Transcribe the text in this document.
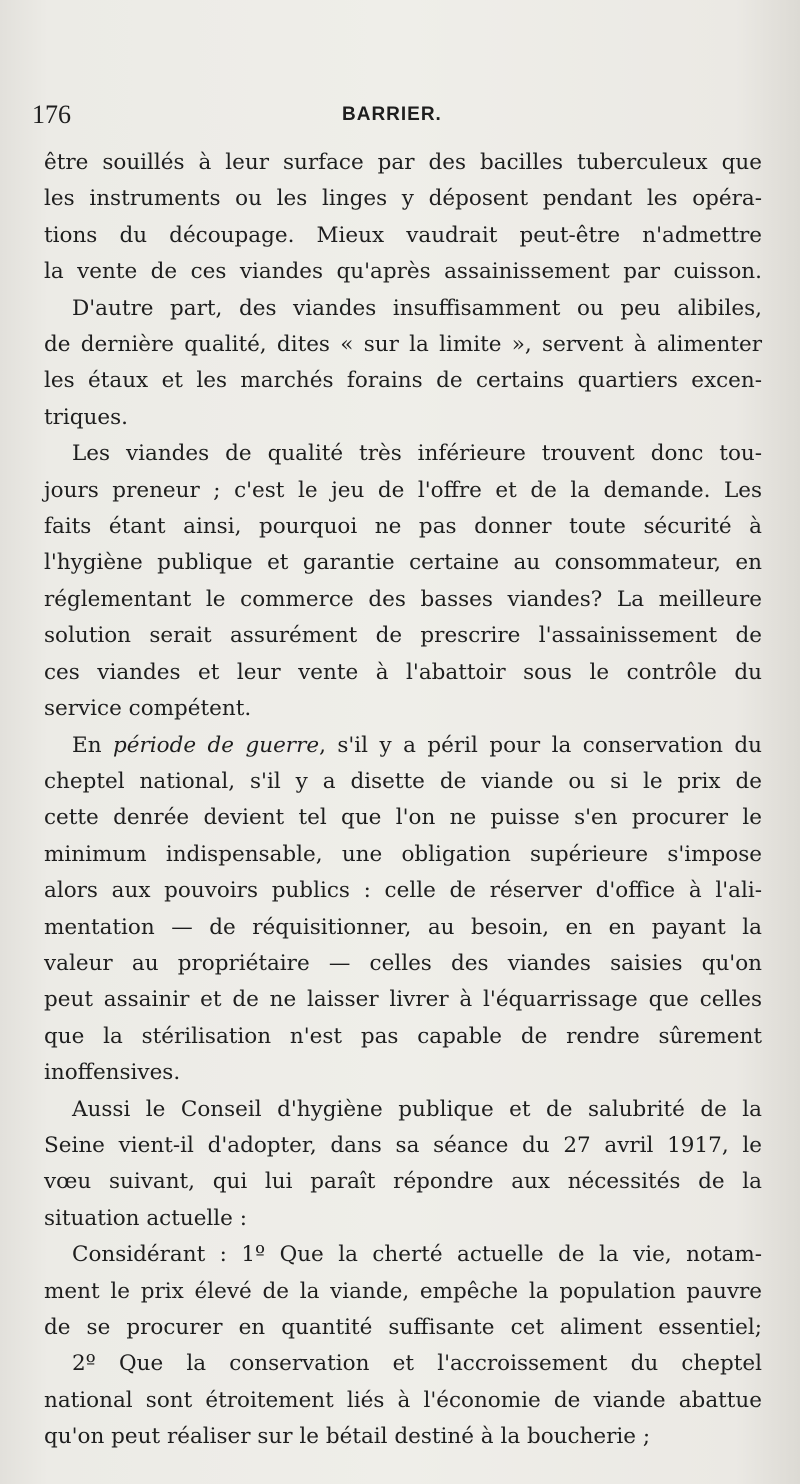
176	BARRIER.

être souillés à leur surface par des bacilles tuberculeux que
les instruments ou les linges y déposent pendant les opéra-
tions du découpage. Mieux vaudrait peut-être n'admettre
la vente de ces viandes qu'après assainissement par cuisson.

D'autre part, des viandes insuffisamment ou peu alibiles,
de dernière qualité, dites « sur la limite », servent à alimenter
les étaux et les marchés forains de certains quartiers excen-
triques.

Les viandes de qualité très inférieure trouvent donc tou-
jours preneur ; c'est le jeu de l'offre et de la demande. Les
faits étant ainsi, pourquoi ne pas donner toute sécurité à
l'hygiène publique et garantie certaine au consommateur, en
réglementant le commerce des basses viandes? La meilleure
solution serait assurément de prescrire l'assainissement de
ces viandes et leur vente à l'abattoir sous le contrôle du
service compétent.

En période de guerre, s'il y a péril pour la conservation du
cheptel national, s'il y a disette de viande ou si le prix de
cette denrée devient tel que l'on ne puisse s'en procurer le
minimum indispensable, une obligation supérieure s'impose
alors aux pouvoirs publics : celle de réserver d'office à l'ali-
mentation — de réquisitionner, au besoin, en en payant la
valeur au propriétaire — celles des viandes saisies qu'on
peut assainir et de ne laisser livrer à l'équarrissage que celles
que la stérilisation n'est pas capable de rendre sûrement
inoffensives.

Aussi le Conseil d'hygiène publique et de salubrité de la
Seine vient-il d'adopter, dans sa séance du 27 avril 1917, le
vœu suivant, qui lui paraît répondre aux nécessités de la
situation actuelle :

Considérant : 1º Que la cherté actuelle de la vie, notam-
ment le prix élevé de la viande, empêche la population pauvre
de se procurer en quantité suffisante cet aliment essentiel;

2º Que la conservation et l'accroissement du cheptel
national sont étroitement liés à l'économie de viande abattue
qu'on peut réaliser sur le bétail destiné à la boucherie ;
